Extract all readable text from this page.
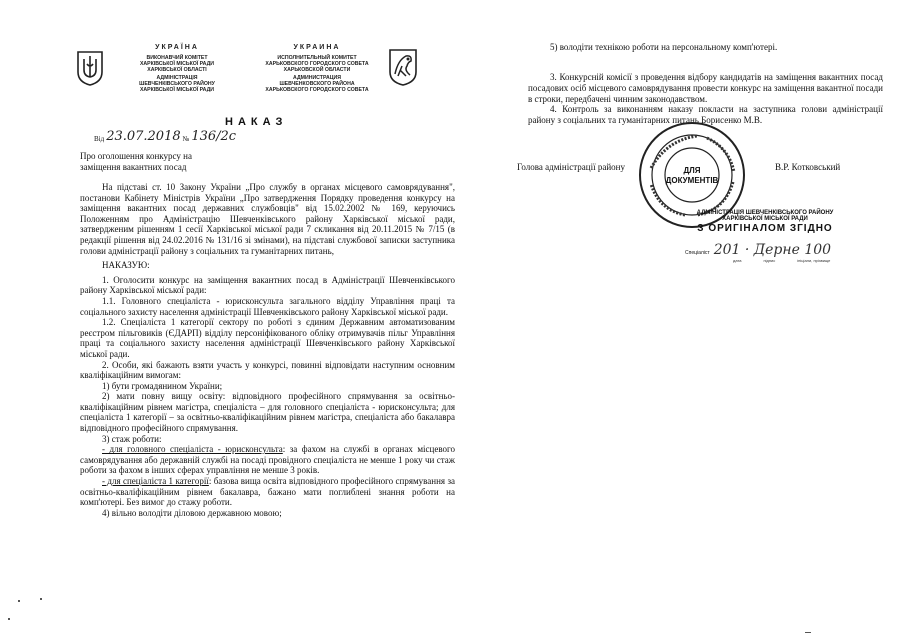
УКРАЇНА
ВИКОНАВЧИЙ КОМІТЕТ
ХАРКІВСЬКОЇ МІСЬКОЇ РАДИ
ХАРКІВСЬКОЇ ОБЛАСТІ
АДМІНІСТРАЦІЯ
ШЕВЧЕНКІВСЬКОГО РАЙОНУ
ХАРКІВСЬКОЇ МІСЬКОЇ РАДИ
УКРАИНА
ИСПОЛНИТЕЛЬНЫЙ КОМИТЕТ
ХАРЬКОВСКОГО ГОРОДСКОГО СОВЕТА
ХАРЬКОВСКОЙ ОБЛАСТИ
АДМИНИСТРАЦИЯ
ШЕВЧЕНКОВСКОГО РАЙОНА
ХАРЬКОВСКОГО ГОРОДСКОГО СОВЕТА
НАКАЗ
Від 23.07.2018 № 136/2с
Про оголошення конкурсу на
заміщення вакантних посад

На підставі ст. 10 Закону України „Про службу в органах місцевого самоврядування", постанови Кабінету Міністрів України „Про затвердження Порядку проведення конкурсу на заміщення вакантних посад державних службовців" від 15.02.2002 № 169, керуючись Положенням про Адміністрацію Шевченківського району Харківської міської ради, затвердженим рішенням 1 сесії Харківської міської ради 7 скликання від 20.11.2015 № 7/15 (в редакції рішення від 24.02.2016 № 131/16 зі змінами), на підставі службової записки заступника голови адміністрації району з соціальних та гуманітарних питань,

НАКАЗУЮ:

1. Оголосити конкурс на заміщення вакантних посад в Адміністрації Шевченківського району Харківської міської ради:

1.1. Головного спеціаліста - юрисконсульта загального відділу Управління праці та соціального захисту населення адміністрації Шевченківського району Харківської міської ради.

1.2. Спеціаліста 1 категорії сектору по роботі з єдиним Державним автоматизованим реєстром пільговиків (ЄДАРП) відділу персоніфікованого обліку отримувачів пільг Управління праці та соціального захисту населення адміністрації Шевченківського району Харківської міської ради.

2. Особи, які бажають взяти участь у конкурсі, повинні відповідати наступним основним кваліфікаційним вимогам:

1) бути громадянином України;

2) мати повну вищу освіту: відповідного професійного спрямування за освітньо-кваліфікаційним рівнем магістра, спеціаліста – для головного спеціаліста - юрисконсульта; для спеціаліста 1 категорії – за освітньо-кваліфікаційним рівнем магістра, спеціаліста або бакалавра відповідного професійного спрямування.

3) стаж роботи:

- для головного спеціаліста - юрисконсульта: за фахом на службі в органах місцевого самоврядування або державній службі на посаді провідного спеціаліста не менше 1 року чи стаж роботи за фахом в інших сферах управління не менше 3 років.

- для спеціаліста 1 категорії: базова вища освіта відповідного професійного спрямування за освітньо-кваліфікаційним рівнем бакалавра, бажано мати поглиблені знання роботи на комп'ютері. Без вимог до стажу роботи.

4) вільно володіти діловою державною мовою;

5) володіти технікою роботи на персональному комп'ютері.

3. Конкурсній комісії з проведення відбору кандидатів на заміщення вакантних посад посадових осіб місцевого самоврядування провести конкурс на заміщення вакантної посади в строки, передбачені чинним законодавством.

4. Контроль за виконанням наказу покласти на заступника голови адміністрації району з соціальних та гуманітарних питань Борисенко М.В.

Голова адміністрації району	В.Р. Котковський
ДЛЯ
ДОКУМЕНТІВ
АДМІНІСТРАЦІЯ ШЕВЧЕНКІВСЬКОГО РАЙОНУ
ХАРКІВСЬКОЇ МІСЬКОЇ РАДИ
З ОРИГІНАЛОМ ЗГІДНО
Спеціаліст 201 · Дерне 100
дата	підпис	ініціали, прізвище
